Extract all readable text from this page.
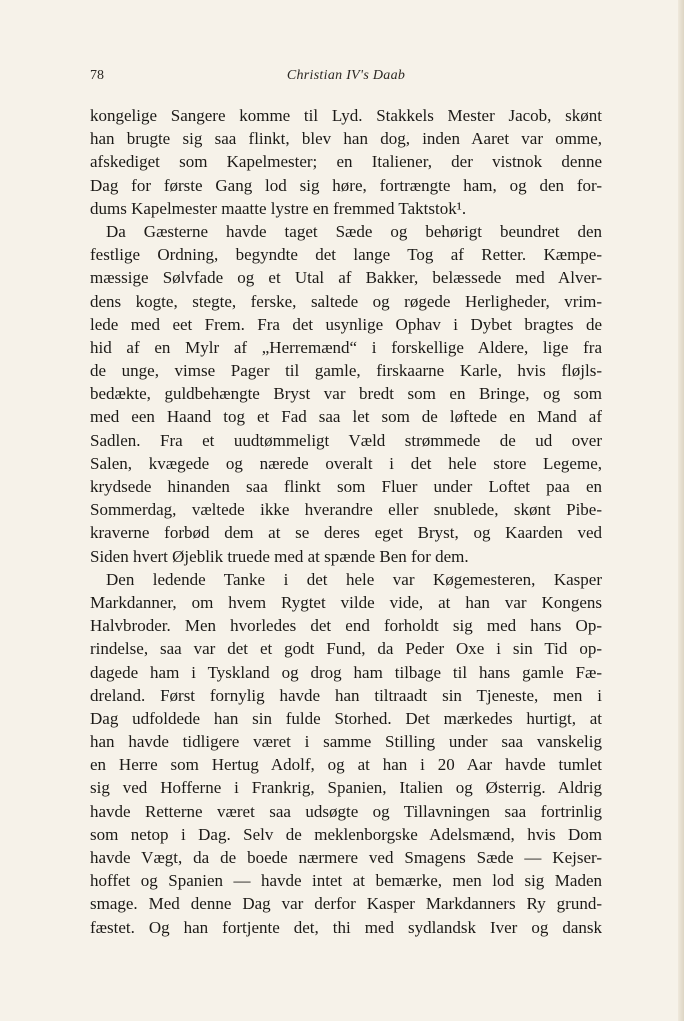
78	Christian IV's Daab
kongelige Sangere komme til Lyd. Stakkels Mester Jacob, skønt
han brugte sig saa flinkt, blev han dog, inden Aaret var omme,
afskediget som Kapelmester; en Italiener, der vistnok denne
Dag for første Gang lod sig høre, fortrængte ham, og den for-
dums Kapelmester maatte lystre en fremmed Taktstok¹.
Da Gæsterne havde taget Sæde og behørigt beundret den
festlige Ordning, begyndte det lange Tog af Retter. Kæmpe-
mæssige Sølvfade og et Utal af Bakker, belæssede med Alver-
dens kogte, stegte, ferske, saltede og røgede Herligheder, vrim-
lede med eet Frem. Fra det usynlige Ophav i Dybet bragtes de
hid af en Mylr af „Herremænd“ i forskellige Aldere, lige fra
de unge, vimse Pager til gamle, firskaarne Karle, hvis fløjls-
bedækte, guldbehængte Bryst var bredt som en Bringe, og som
med een Haand tog et Fad saa let som de løftede en Mand af
Sadlen. Fra et uudtømmeligt Væld strømmede de ud over
Salen, kvægede og nærede overalt i det hele store Legeme,
krydsede hinanden saa flinkt som Fluer under Loftet paa en
Sommerdag, væltede ikke hverandre eller snublede, skønt Pibe-
kraverne forbød dem at se deres eget Bryst, og Kaarden ved
Siden hvert Øjeblik truede med at spænde Ben for dem.
Den ledende Tanke i det hele var Køgemesteren, Kasper
Markdanner, om hvem Rygtet vilde vide, at han var Kongens
Halvbroder. Men hvorledes det end forholdt sig med hans Op-
rindelse, saa var det et godt Fund, da Peder Oxe i sin Tid op-
dagede ham i Tyskland og drog ham tilbage til hans gamle Fæ-
dreland. Først fornylig havde han tiltraadt sin Tjeneste, men i
Dag udfoldede han sin fulde Storhed. Det mærkedes hurtigt, at
han havde tidligere været i samme Stilling under saa vanskelig
en Herre som Hertug Adolf, og at han i 20 Aar havde tumlet
sig ved Hofferne i Frankrig, Spanien, Italien og Østerrig. Aldrig
havde Retterne været saa udsøgte og Tillavningen saa fortrinlig
som netop i Dag. Selv de meklenborgske Adelsmænd, hvis Dom
havde Vægt, da de boede nærmere ved Smagens Sæde — Kejser-
hoffet og Spanien — havde intet at bemærke, men lod sig Maden
smage. Med denne Dag var derfor Kasper Markdanners Ry grund-
fæstet. Og han fortjente det, thi med sydlandsk Iver og dansk
